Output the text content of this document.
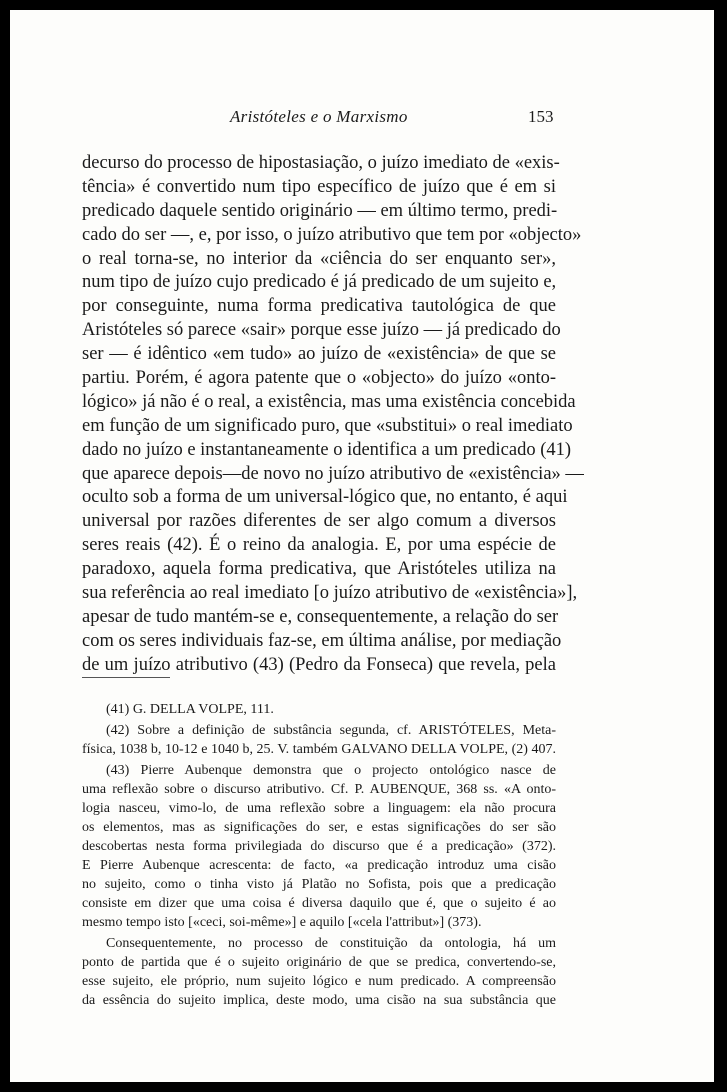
Aristóteles e o Marxismo	153
decurso do processo de hipostasiação, o juízo imediato de «exis-
tência» é convertido num tipo específico de juízo que é em si
predicado daquele sentido originário — em último termo, predi-
cado do ser —, e, por isso, o juízo atributivo que tem por «objecto»
o real torna-se, no interior da «ciência do ser enquanto ser»,
num tipo de juízo cujo predicado é já predicado de um sujeito e,
por conseguinte, numa forma predicativa tautológica de que
Aristóteles só parece «sair» porque esse juízo — já predicado do
ser — é idêntico «em tudo» ao juízo de «existência» de que se
partiu. Porém, é agora patente que o «objecto» do juízo «onto-
lógico» já não é o real, a existência, mas uma existência concebida
em função de um significado puro, que «substitui» o real imediato
dado no juízo e instantaneamente o identifica a um predicado (41)
que aparece depois—de novo no juízo atributivo de «existência» —
oculto sob a forma de um universal-lógico que, no entanto, é aqui
universal por razões diferentes de ser algo comum a diversos
seres reais (42). É o reino da analogia. E, por uma espécie de
paradoxo, aquela forma predicativa, que Aristóteles utiliza na
sua referência ao real imediato [o juízo atributivo de «existência»],
apesar de tudo mantém-se e, consequentemente, a relação do ser
com os seres individuais faz-se, em última análise, por mediação
de um juízo atributivo (43) (Pedro da Fonseca) que revela, pela
(41) G. DELLA VOLPE, 111.
(42) Sobre a definição de substância segunda, cf. ARISTÓTELES, Meta-
física, 1038 b, 10-12 e 1040 b, 25. V. também GALVANO DELLA VOLPE, (2) 407.
(43) Pierre Aubenque demonstra que o projecto ontológico nasce de
uma reflexão sobre o discurso atributivo. Cf. P. AUBENQUE, 368 ss. «A onto-
logia nasceu, vimo-lo, de uma reflexão sobre a linguagem: ela não procura
os elementos, mas as significações do ser, e estas significações do ser são
descobertas nesta forma privilegiada do discurso que é a predicação» (372).
E Pierre Aubenque acrescenta: de facto, «a predicação introduz uma cisão
no sujeito, como o tinha visto já Platão no Sofista, pois que a predicação
consiste em dizer que uma coisa é diversa daquilo que é, que o sujeito é ao
mesmo tempo isto [«ceci, soi-même»] e aquilo [«cela l'attribut»] (373).
Consequentemente, no processo de constituição da ontologia, há um
ponto de partida que é o sujeito originário de que se predica, convertendo-se,
esse sujeito, ele próprio, num sujeito lógico e num predicado. A compreensão
da essência do sujeito implica, deste modo, uma cisão na sua substância que
